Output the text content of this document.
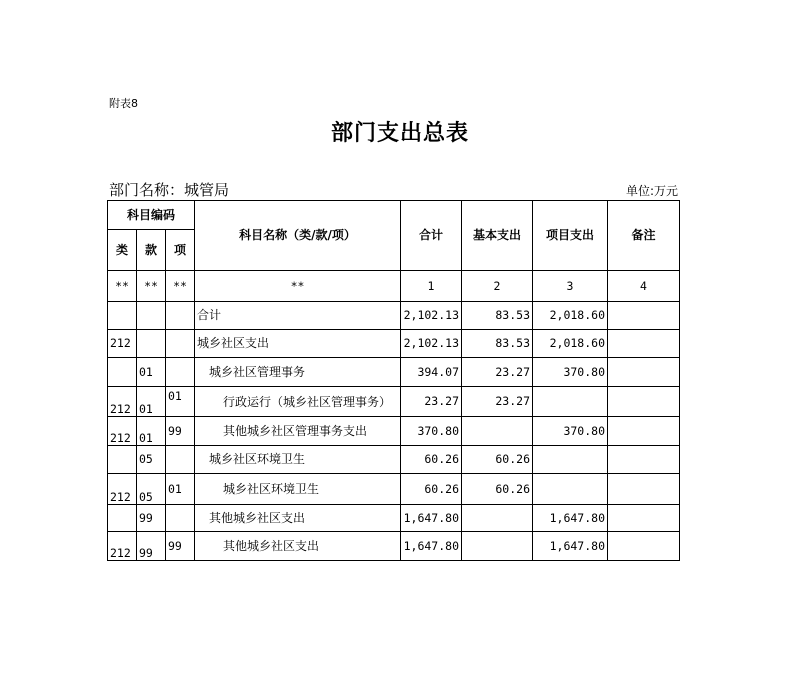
附表8
部门支出总表
部门名称：城管局	单位:万元
科目编码			科目名称（类/款/项）	合计	基本支出	项目支出	备注
类	款	项					
**	**	**	**	1	2	3	4
			合计	2,102.13	83.53	2,018.60	
212			城乡社区支出	2,102.13	83.53	2,018.60	
	01		城乡社区管理事务	394.07	23.27	370.80	
212	01	01	行政运行（城乡社区管理事务）	23.27	23.27		
212	01	99	其他城乡社区管理事务支出	370.80		370.80	
	05		城乡社区环境卫生	60.26	60.26		
212	05	01	城乡社区环境卫生	60.26	60.26		
	99		其他城乡社区支出	1,647.80		1,647.80	
212	99	99	其他城乡社区支出	1,647.80		1,647.80	
